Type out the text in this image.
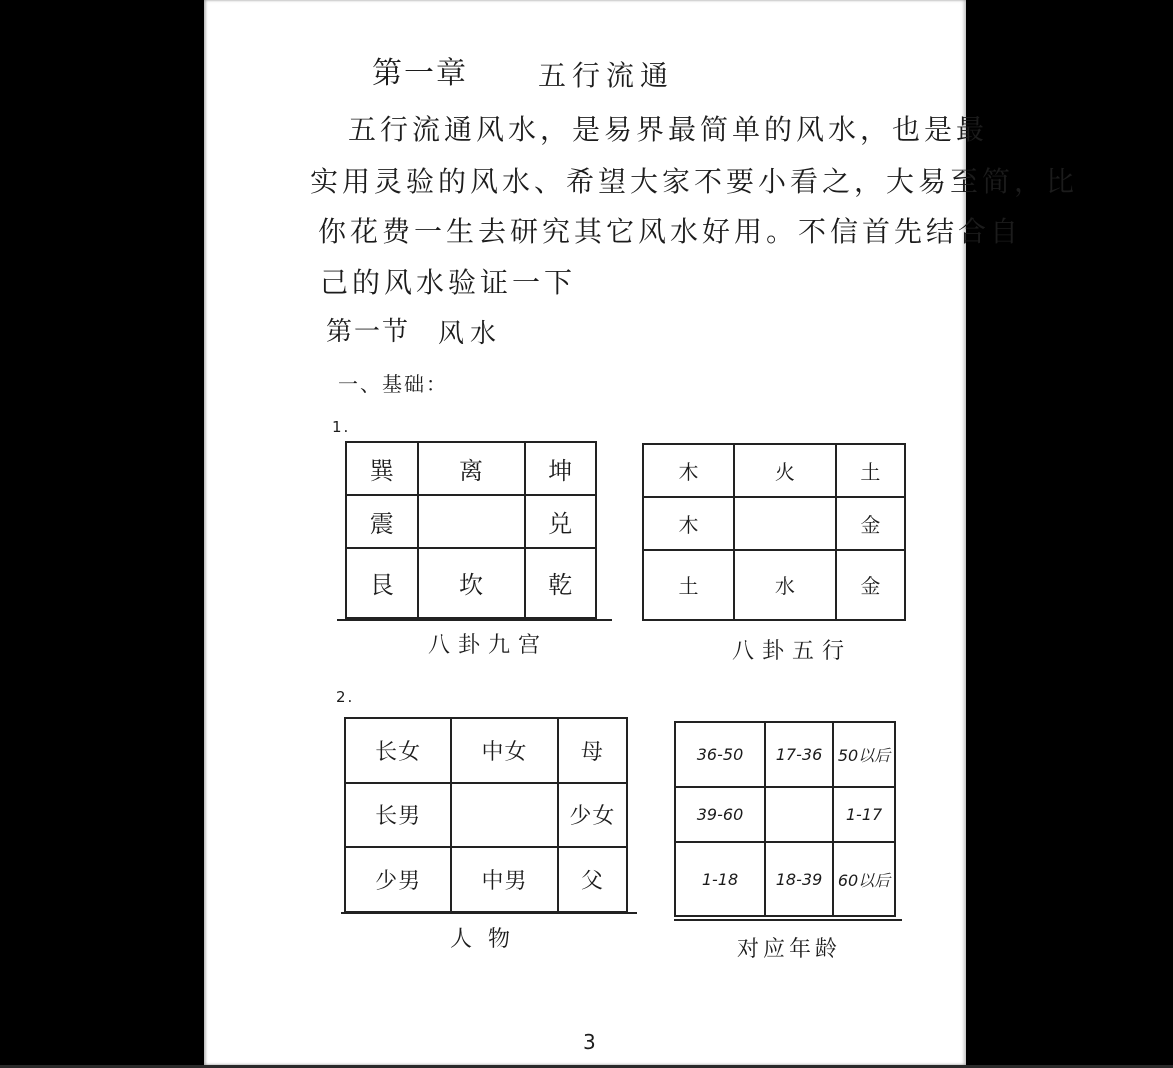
第一章	五行流通
五行流通风水，是易界最简单的风水，也是最
实用灵验的风水、希望大家不要小看之，大易至简，比
你花费一生去研究其它风水好用。不信首先结合自
己的风水验证一下
第一节 风水
一、基础：
1.
巽	离	坤
震		兑
艮	坎	乾
八卦九宫
木	火	土
木		金
土	水	金
八卦五行
2.
长女	中女	母
长男		少女
少男	中男	父
人物
36-50	17-36	50以后
39-60		1-17
1-18	18-39	60以后
对应年龄
3
